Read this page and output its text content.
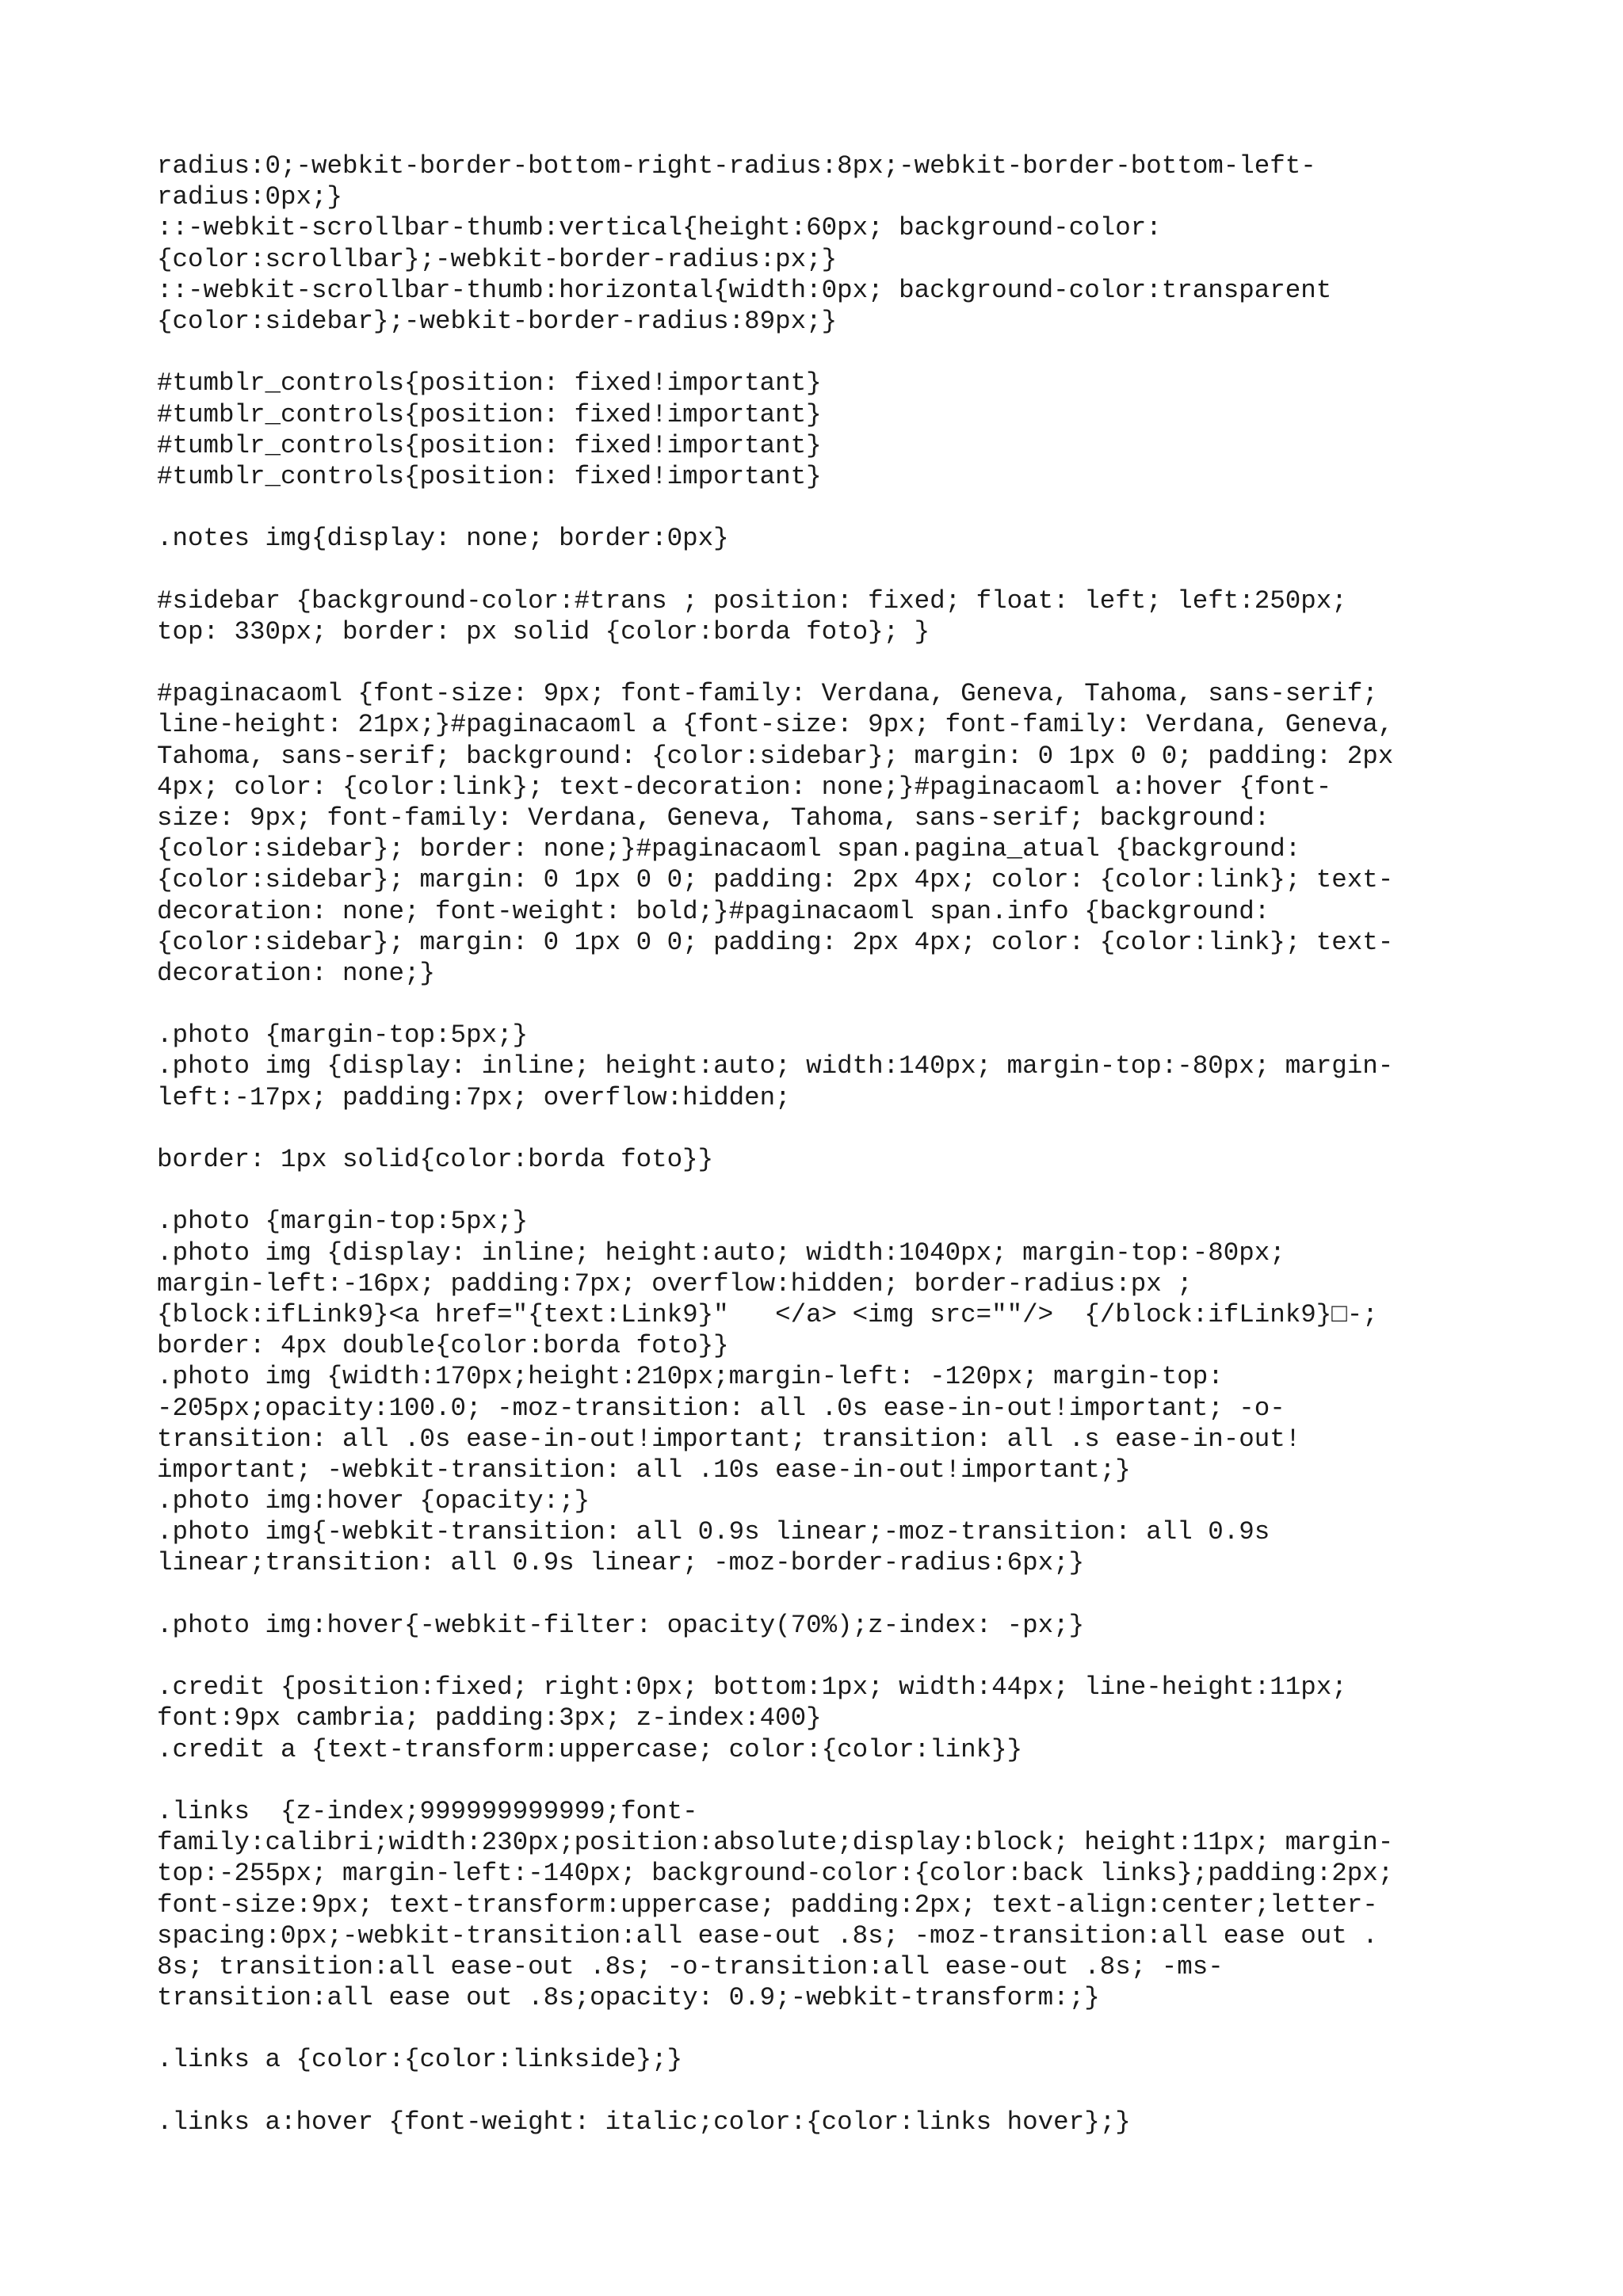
radius:0;-webkit-border-bottom-right-radius:8px;-webkit-border-bottom-left-
radius:0px;}
::-webkit-scrollbar-thumb:vertical{height:60px; background-color:
{color:scrollbar};-webkit-border-radius:px;}
::-webkit-scrollbar-thumb:horizontal{width:0px; background-color:transparent
{color:sidebar};-webkit-border-radius:89px;}
#tumblr_controls{position: fixed!important}
#tumblr_controls{position: fixed!important}
#tumblr_controls{position: fixed!important}
#tumblr_controls{position: fixed!important}
.notes img{display: none; border:0px}
#sidebar {background-color:#trans ; position: fixed; float: left; left:250px;
top: 330px; border: px solid {color:borda foto}; }
#paginacaoml {font-size: 9px; font-family: Verdana, Geneva, Tahoma, sans-serif;
line-height: 21px;}#paginacaoml a {font-size: 9px; font-family: Verdana, Geneva,
Tahoma, sans-serif; background: {color:sidebar}; margin: 0 1px 0 0; padding: 2px
4px; color: {color:link}; text-decoration: none;}#paginacaoml a:hover {font-
size: 9px; font-family: Verdana, Geneva, Tahoma, sans-serif; background:
{color:sidebar}; border: none;}#paginacaoml span.pagina_atual {background:
{color:sidebar}; margin: 0 1px 0 0; padding: 2px 4px; color: {color:link}; text-
decoration: none; font-weight: bold;}#paginacaoml span.info {background:
{color:sidebar}; margin: 0 1px 0 0; padding: 2px 4px; color: {color:link}; text-
decoration: none;}
.photo {margin-top:5px;}
.photo img {display: inline; height:auto; width:140px; margin-top:-80px; margin-
left:-17px; padding:7px; overflow:hidden;
border: 1px solid{color:borda foto}}
.photo {margin-top:5px;}
.photo img {display: inline; height:auto; width:1040px; margin-top:-80px;
margin-left:-16px; padding:7px; overflow:hidden; border-radius:px ;
{block:ifLink9}<a href="{text:Link9}"   </a> <img src=""/>  {/block:ifLink9}□-;
border: 4px double{color:borda foto}}
.photo img {width:170px;height:210px;margin-left: -120px; margin-top:
-205px;opacity:100.0; -moz-transition: all .0s ease-in-out!important; -o-
transition: all .0s ease-in-out!important; transition: all .s ease-in-out!
important; -webkit-transition: all .10s ease-in-out!important;}
.photo img:hover {opacity:;}
.photo img{-webkit-transition: all 0.9s linear;-moz-transition: all 0.9s
linear;transition: all 0.9s linear; -moz-border-radius:6px;}
.photo img:hover{-webkit-filter: opacity(70%);z-index: -px;}
.credit {position:fixed; right:0px; bottom:1px; width:44px; line-height:11px;
font:9px cambria; padding:3px; z-index:400}
.credit a {text-transform:uppercase; color:{color:link}}
.links  {z-index;999999999999;font-
family:calibri;width:230px;position:absolute;display:block; height:11px; margin-
top:-255px; margin-left:-140px; background-color:{color:back links};padding:2px;
font-size:9px; text-transform:uppercase; padding:2px; text-align:center;letter-
spacing:0px;-webkit-transition:all ease-out .8s; -moz-transition:all ease out .
8s; transition:all ease-out .8s; -o-transition:all ease-out .8s; -ms-
transition:all ease out .8s;opacity: 0.9;-webkit-transform:;}
.links a {color:{color:linkside};}
.links a:hover {font-weight: italic;color:{color:links hover};}
